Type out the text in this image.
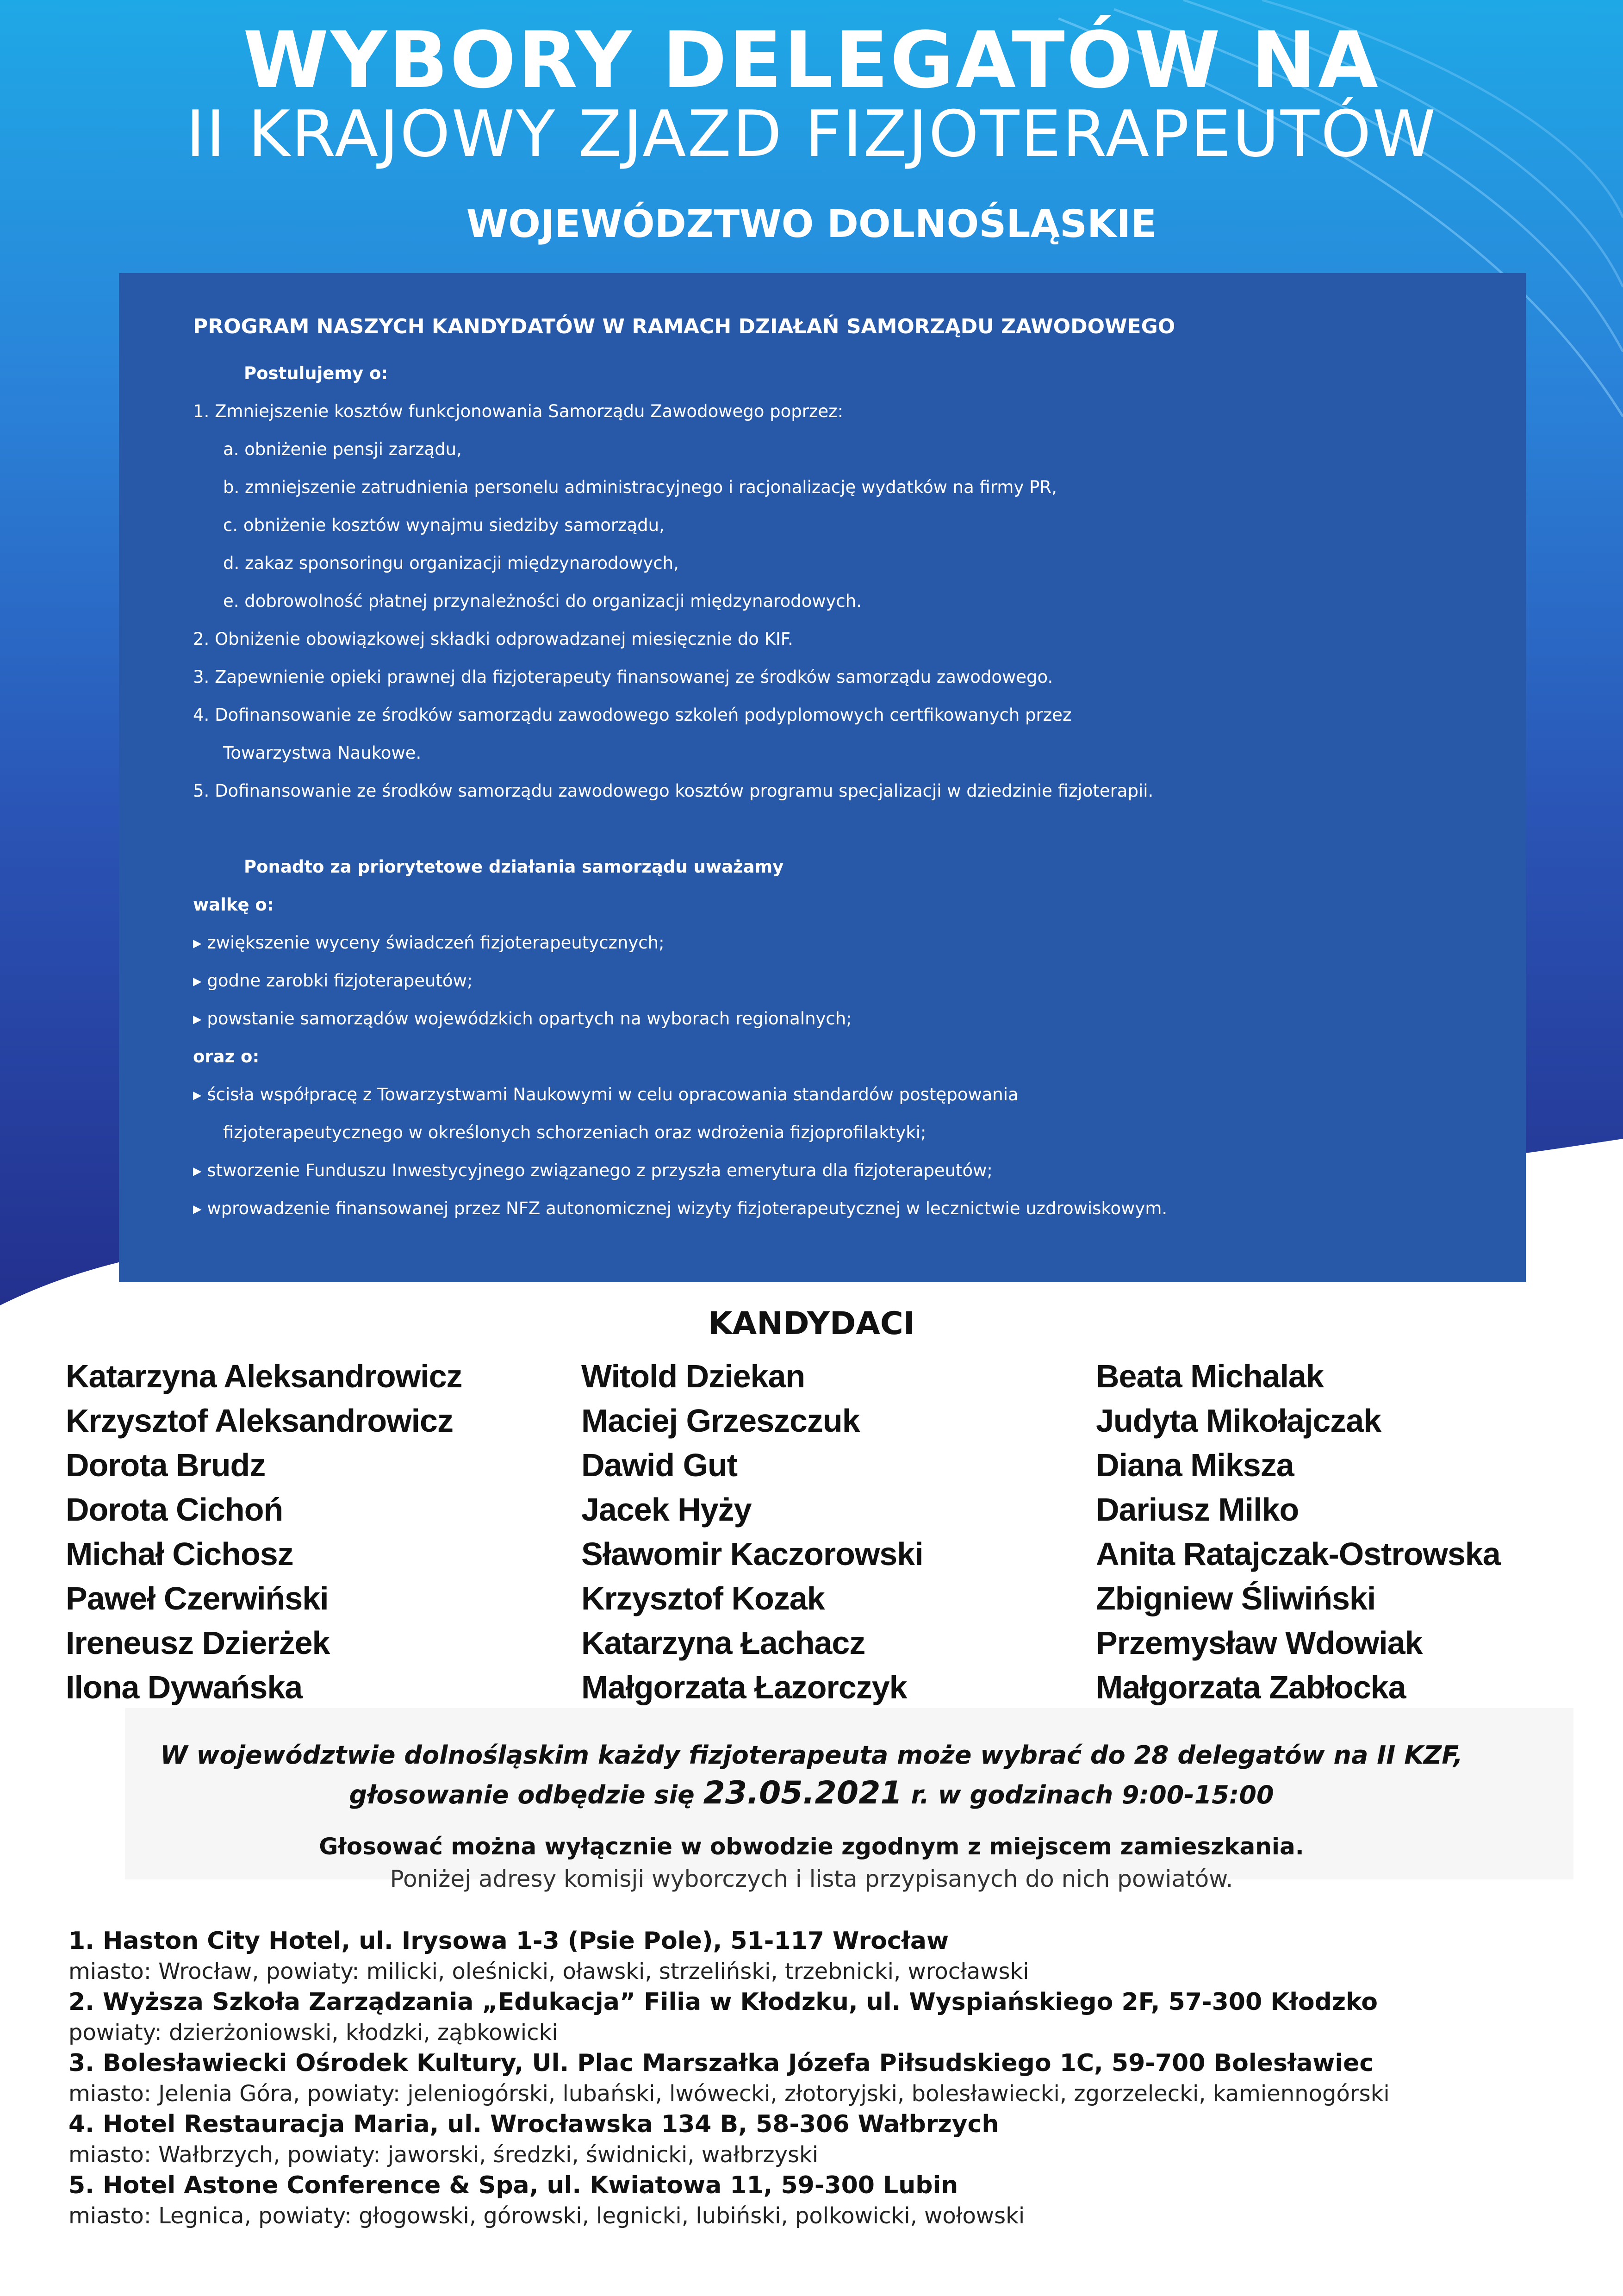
WYBORY DELEGATÓW NA
II KRAJOWY ZJAZD FIZJOTERAPEUTÓW
WOJEWÓDZTWO DOLNOŚLĄSKIE
PROGRAM NASZYCH KANDYDATÓW W RAMACH DZIAŁAŃ SAMORZĄDU ZAWODOWEGO
Postulujemy o:
1. Zmniejszenie kosztów funkcjonowania Samorządu Zawodowego poprzez:
a. obniżenie pensji zarządu,
b. zmniejszenie zatrudnienia personelu administracyjnego i racjonalizację wydatków na firmy PR,
c. obniżenie kosztów wynajmu siedziby samorządu,
d. zakaz sponsoringu organizacji międzynarodowych,
e. dobrowolność płatnej przynależności do organizacji międzynarodowych.
2. Obniżenie obowiązkowej składki odprowadzanej miesięcznie do KIF.
3. Zapewnienie opieki prawnej dla fizjoterapeuty finansowanej ze środków samorządu zawodowego.
4. Dofinansowanie ze środków samorządu zawodowego szkoleń podyplomowych certfikowanych przez
Towarzystwa Naukowe.
5. Dofinansowanie ze środków samorządu zawodowego kosztów programu specjalizacji w dziedzinie fizjoterapii.
Ponadto za priorytetowe działania samorządu uważamy
walkę o:
▸ zwiększenie wyceny świadczeń fizjoterapeutycznych;
▸ godne zarobki fizjoterapeutów;
▸ powstanie samorządów wojewódzkich opartych na wyborach regionalnych;
oraz o:
▸ ścisła współpracę z Towarzystwami Naukowymi w celu opracowania standardów postępowania
fizjoterapeutycznego w określonych schorzeniach oraz wdrożenia fizjoprofilaktyki;
▸ stworzenie Funduszu Inwestycyjnego związanego z przyszła emerytura dla fizjoterapeutów;
▸ wprowadzenie finansowanej przez NFZ autonomicznej wizyty fizjoterapeutycznej w lecznictwie uzdrowiskowym.
KANDYDACI
Katarzyna Aleksandrowicz
Krzysztof Aleksandrowicz
Dorota Brudz
Dorota Cichoń
Michał Cichosz
Paweł Czerwiński
Ireneusz Dzierżek
Ilona Dywańska
Witold Dziekan
Maciej Grzeszczuk
Dawid Gut
Jacek Hyży
Sławomir Kaczorowski
Krzysztof Kozak
Katarzyna Łachacz
Małgorzata Łazorczyk
Beata Michalak
Judyta Mikołajczak
Diana Miksza
Dariusz Milko
Anita Ratajczak-Ostrowska
Zbigniew Śliwiński
Przemysław Wdowiak
Małgorzata Zabłocka
W województwie dolnośląskim każdy fizjoterapeuta może wybrać do 28 delegatów na II KZF,
głosowanie odbędzie się 23.05.2021 r. w godzinach 9:00-15:00
Głosować można wyłącznie w obwodzie zgodnym z miejscem zamieszkania.
Poniżej adresy komisji wyborczych i lista przypisanych do nich powiatów.
1. Haston City Hotel, ul. Irysowa 1-3 (Psie Pole), 51-117 Wrocław
miasto: Wrocław, powiaty: milicki, oleśnicki, oławski, strzeliński, trzebnicki, wrocławski
2. Wyższa Szkoła Zarządzania „Edukacja” Filia w Kłodzku, ul. Wyspiańskiego 2F, 57-300 Kłodzko
powiaty: dzierżoniowski, kłodzki, ząbkowicki
3. Bolesławiecki Ośrodek Kultury, Ul. Plac Marszałka Józefa Piłsudskiego 1C, 59-700 Bolesławiec
miasto: Jelenia Góra, powiaty: jeleniogórski, lubański, lwówecki, złotoryjski, bolesławiecki, zgorzelecki, kamiennogórski
4. Hotel Restauracja Maria, ul. Wrocławska 134 B, 58-306 Wałbrzych
miasto: Wałbrzych, powiaty: jaworski, średzki, świdnicki, wałbrzyski
5. Hotel Astone Conference & Spa, ul. Kwiatowa 11, 59-300 Lubin
miasto: Legnica, powiaty: głogowski, górowski, legnicki, lubiński, polkowicki, wołowski
